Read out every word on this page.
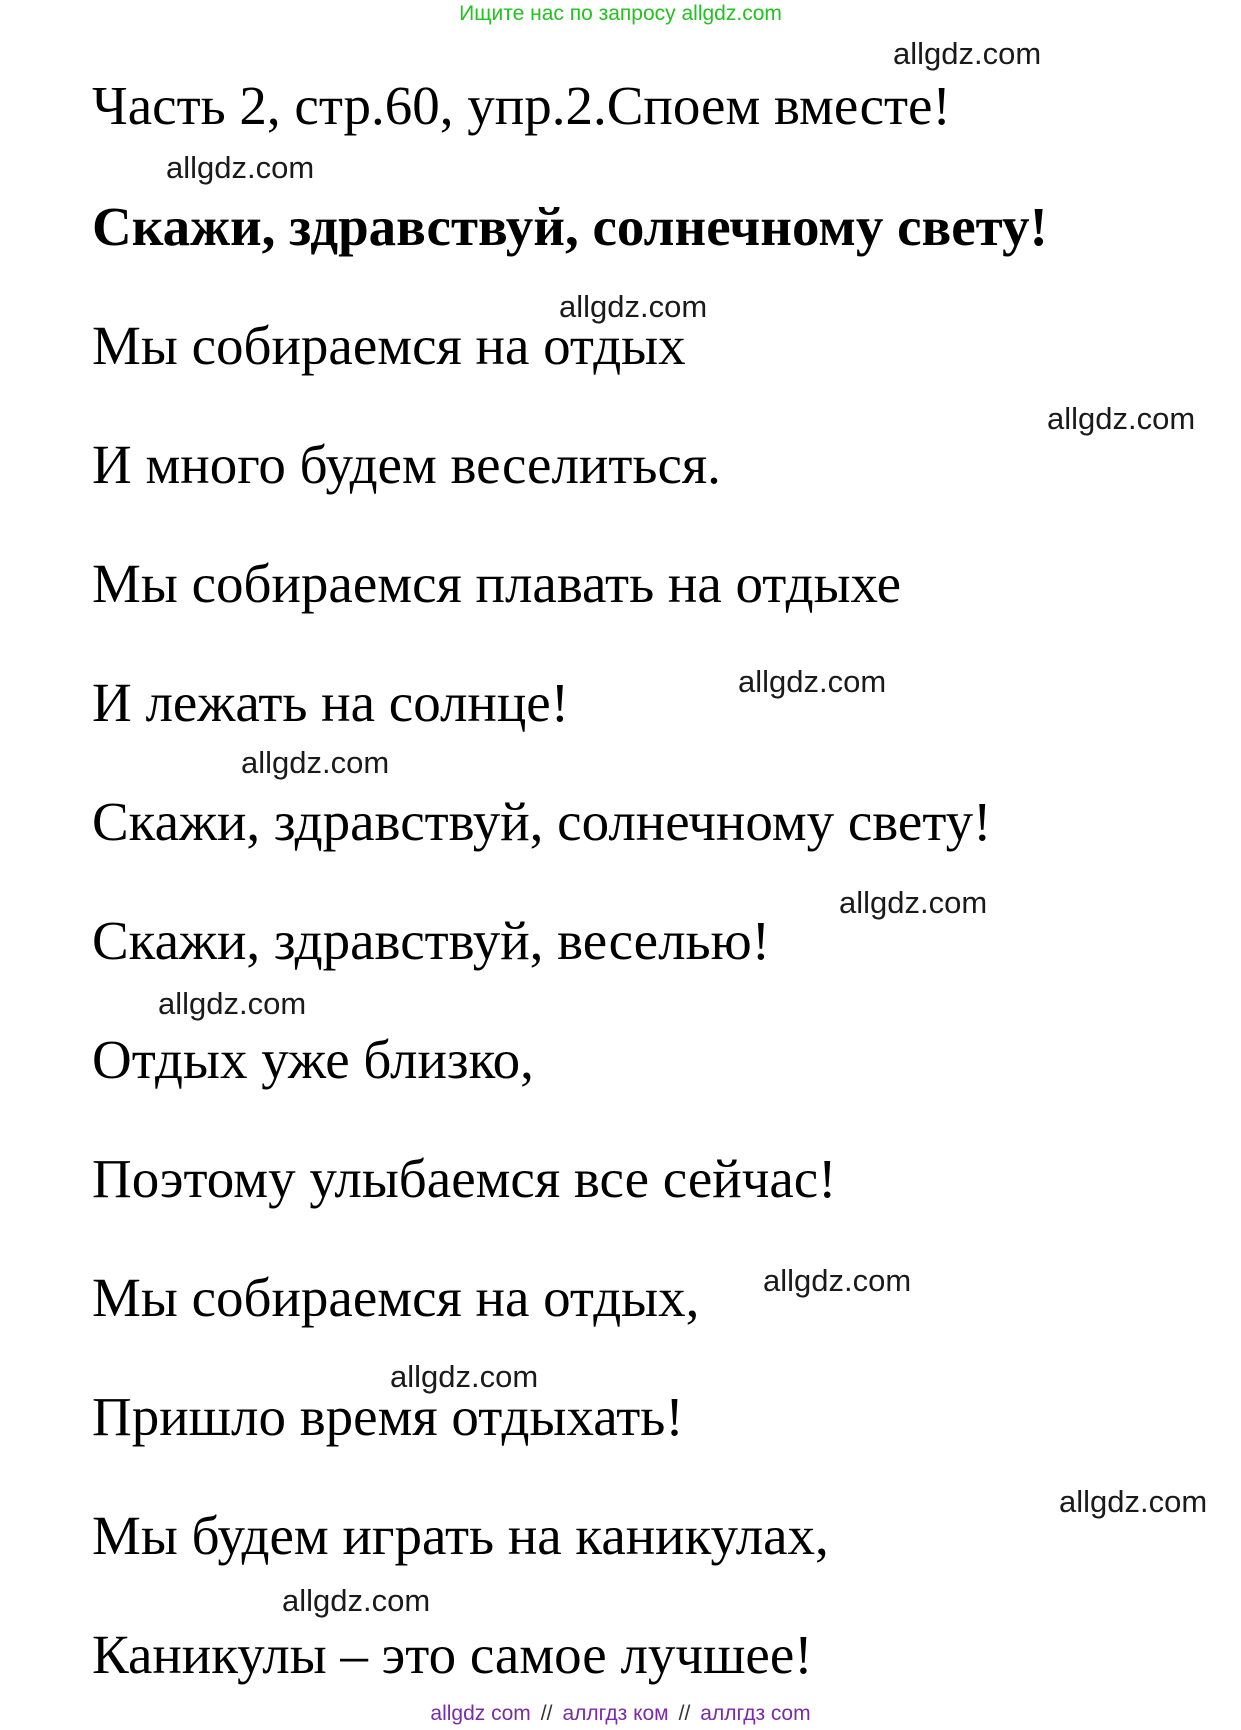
Ищите нас по запросу allgdz.com
allgdz.com
Часть 2, стр.60, упр.2.Споем вместе!
allgdz.com
Скажи, здравствуй, солнечному свету!
allgdz.com
Мы собираемся на отдых
allgdz.com
И много будем веселиться.
Мы собираемся плавать на отдыхе
allgdz.com
И лежать на солнце!
allgdz.com
Скажи, здравствуй, солнечному свету!
allgdz.com
Скажи, здравствуй, веселью!
allgdz.com
Отдых уже близко,
Поэтому улыбаемся все сейчас!
allgdz.com
Мы собираемся на отдых,
allgdz.com
Пришло время отдыхать!
allgdz.com
Мы будем играть на каникулах,
allgdz.com
Каникулы – это самое лучшее!
allgdz com // аллгдз ком // аллгдз com
